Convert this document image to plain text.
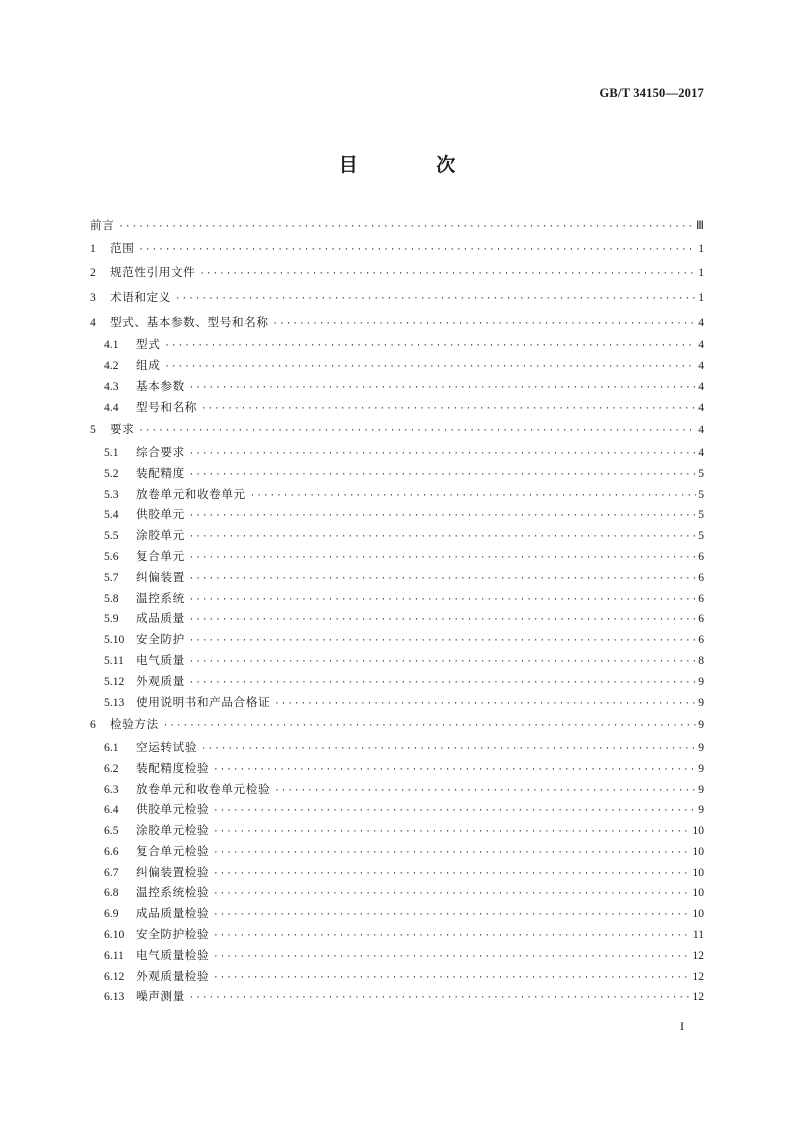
GB/T 34150—2017
目 次
前言 ·····	Ⅲ
1	范围 ·····	1
2	规范性引用文件 ·····	1
3	术语和定义 ·····	1
4	型式、基本参数、型号和名称 ·····	4
4.1	型式 ·····	4
4.2	组成 ·····	4
4.3	基本参数 ·····	4
4.4	型号和名称 ·····	4
5	要求 ·····	4
5.1	综合要求 ·····	4
5.2	装配精度 ·····	5
5.3	放卷单元和收卷单元 ·····	5
5.4	供胶单元 ·····	5
5.5	涂胶单元 ·····	5
5.6	复合单元 ·····	6
5.7	纠偏装置 ·····	6
5.8	温控系统 ·····	6
5.9	成品质量 ·····	6
5.10	安全防护 ·····	6
5.11	电气质量 ·····	8
5.12	外观质量 ·····	9
5.13	使用说明书和产品合格证 ·····	9
6	检验方法 ·····	9
6.1	空运转试验 ·····	9
6.2	装配精度检验 ·····	9
6.3	放卷单元和收卷单元检验 ·····	9
6.4	供胶单元检验 ·····	9
6.5	涂胶单元检验 ·····	10
6.6	复合单元检验 ·····	10
6.7	纠偏装置检验 ·····	10
6.8	温控系统检验 ·····	10
6.9	成品质量检验 ·····	10
6.10	安全防护检验 ·····	11
6.11	电气质量检验 ·····	12
6.12	外观质量检验 ·····	12
6.13	噪声测量 ·····	12
I
